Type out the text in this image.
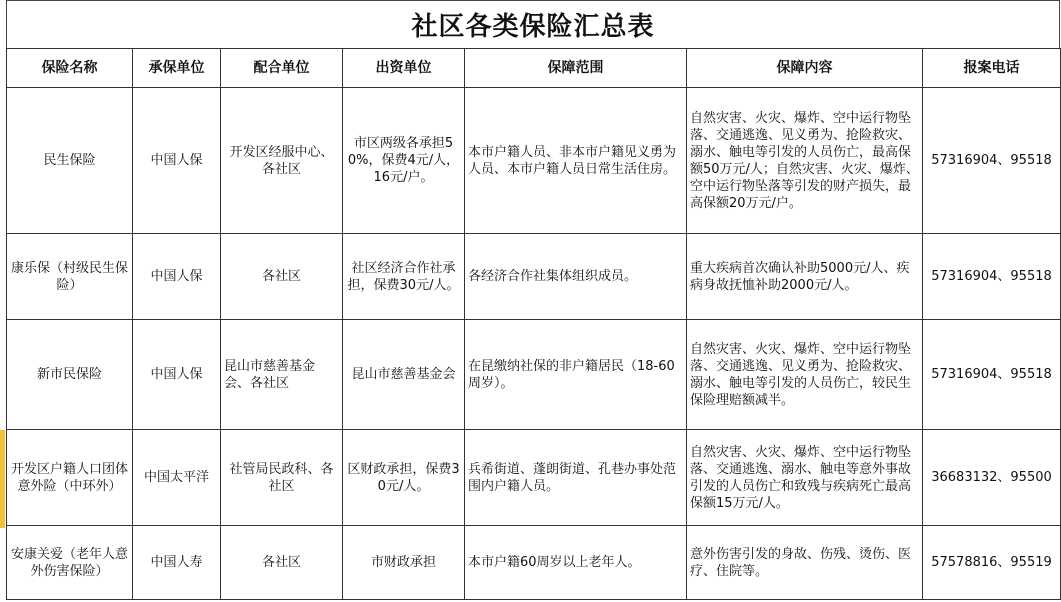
社区各类保险汇总表
保险名称	承保单位	配合单位	出资单位	保障范围	保障内容	报案电话
民生保险	中国人保	开发区经服中心、各社区	市区两级各承担50%，保费4元/人，16元/户。	本市户籍人员、非本市户籍见义勇为人员、本市户籍人员日常生活住房。	自然灾害、火灾、爆炸、空中运行物坠落、交通逃逸、见义勇为、抢险救灾、溺水、触电等引发的人员伤亡，最高保额50万元/人；自然灾害、火灾、爆炸、空中运行物坠落等引发的财产损失，最高保额20万元/户。	57316904、95518
康乐保（村级民生保险）	中国人保	各社区	社区经济合作社承担，保费30元/人。	各经济合作社集体组织成员。	重大疾病首次确认补助5000元/人、疾病身故抚恤补助2000元/人。	57316904、95518
新市民保险	中国人保	昆山市慈善基金会、各社区	昆山市慈善基金会	在昆缴纳社保的非户籍居民（18-60周岁）。	自然灾害、火灾、爆炸、空中运行物坠落、交通逃逸、见义勇为、抢险救灾、溺水、触电等引发的人员伤亡，较民生保险理赔额减半。	57316904、95518
开发区户籍人口团体意外险（中环外）	中国太平洋	社管局民政科、各社区	区财政承担，保费30元/人。	兵希街道、蓬朗街道、孔巷办事处范围内户籍人员。	自然灾害、火灾、爆炸、空中运行物坠落、交通逃逸、溺水、触电等意外事故引发的人员伤亡和致残与疾病死亡最高保额15万元/人。	36683132、95500
安康关爱（老年人意外伤害保险）	中国人寿	各社区	市财政承担	本市户籍60周岁以上老年人。	意外伤害引发的身故、伤残、烫伤、医疗、住院等。	57578816、95519
